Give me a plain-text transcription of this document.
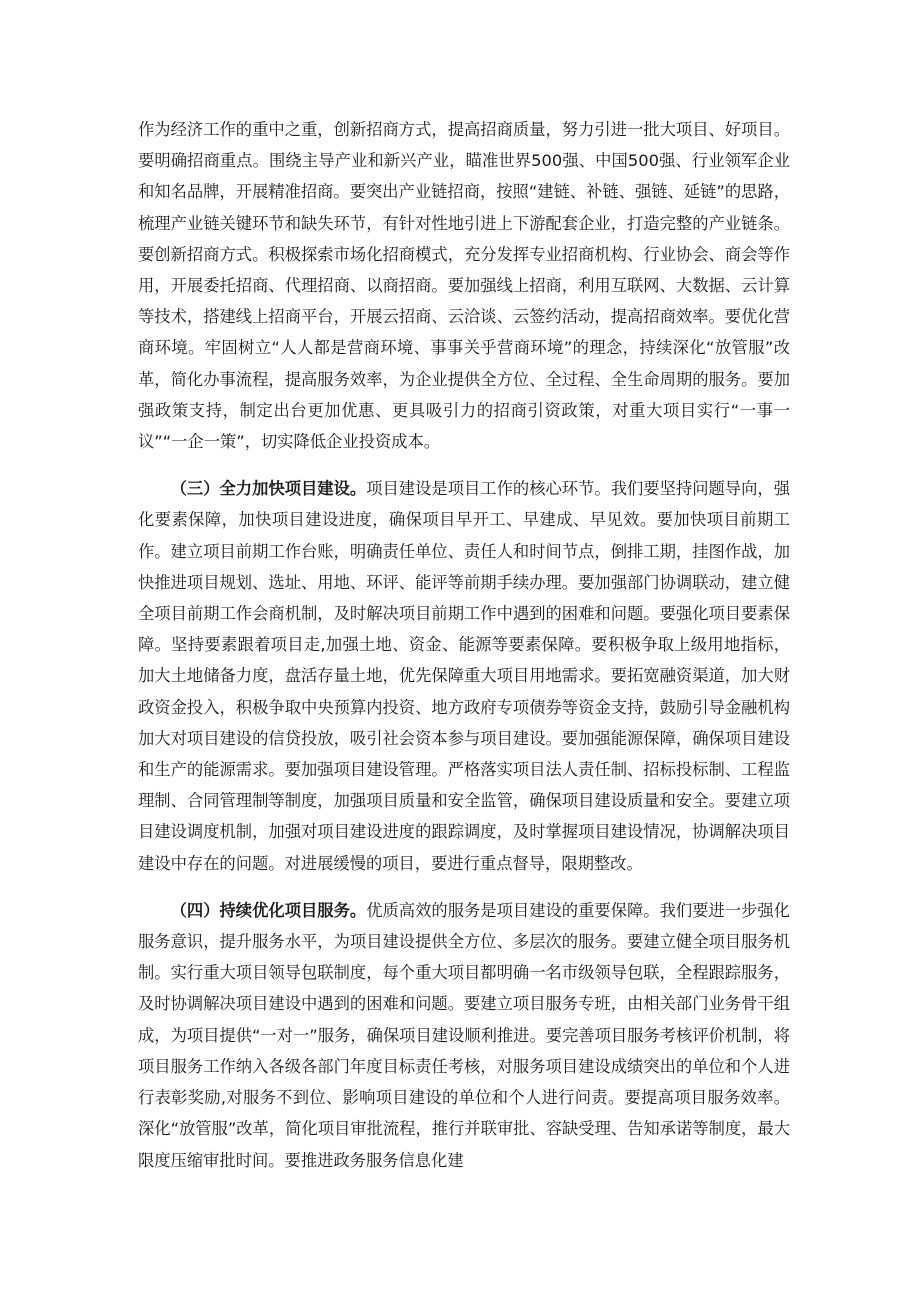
作为经济工作的重中之重，创新招商方式，提高招商质量，努力引进一批大项目、好项目。要明确招商重点。围绕主导产业和新兴产业，瞄准世界500强、中国500强、行业领军企业和知名品牌，开展精准招商。要突出产业链招商，按照“建链、补链、强链、延链”的思路，梳理产业链关键环节和缺失环节，有针对性地引进上下游配套企业，打造完整的产业链条。要创新招商方式。积极探索市场化招商模式，充分发挥专业招商机构、行业协会、商会等作用，开展委托招商、代理招商、以商招商。要加强线上招商，利用互联网、大数据、云计算等技术，搭建线上招商平台，开展云招商、云洽谈、云签约活动，提高招商效率。要优化营商环境。牢固树立“人人都是营商环境、事事关乎营商环境”的理念，持续深化“放管服”改革，简化办事流程，提高服务效率，为企业提供全方位、全过程、全生命周期的服务。要加强政策支持，制定出台更加优惠、更具吸引力的招商引资政策，对重大项目实行“一事一议”“一企一策”，切实降低企业投资成本。

（三）全力加快项目建设。项目建设是项目工作的核心环节。我们要坚持问题导向，强化要素保障，加快项目建设进度，确保项目早开工、早建成、早见效。要加快项目前期工作。建立项目前期工作台账，明确责任单位、责任人和时间节点，倒排工期，挂图作战，加快推进项目规划、选址、用地、环评、能评等前期手续办理。要加强部门协调联动，建立健全项目前期工作会商机制，及时解决项目前期工作中遇到的困难和问题。要强化项目要素保障。坚持要素跟着项目走,加强土地、资金、能源等要素保障。要积极争取上级用地指标，加大土地储备力度，盘活存量土地，优先保障重大项目用地需求。要拓宽融资渠道，加大财政资金投入，积极争取中央预算内投资、地方政府专项债券等资金支持，鼓励引导金融机构加大对项目建设的信贷投放，吸引社会资本参与项目建设。要加强能源保障，确保项目建设和生产的能源需求。要加强项目建设管理。严格落实项目法人责任制、招标投标制、工程监理制、合同管理制等制度，加强项目质量和安全监管，确保项目建设质量和安全。要建立项目建设调度机制，加强对项目建设进度的跟踪调度，及时掌握项目建设情况，协调解决项目建设中存在的问题。对进展缓慢的项目，要进行重点督导，限期整改。

（四）持续优化项目服务。优质高效的服务是项目建设的重要保障。我们要进一步强化服务意识，提升服务水平，为项目建设提供全方位、多层次的服务。要建立健全项目服务机制。实行重大项目领导包联制度，每个重大项目都明确一名市级领导包联，全程跟踪服务，及时协调解决项目建设中遇到的困难和问题。要建立项目服务专班，由相关部门业务骨干组成，为项目提供“一对一”服务，确保项目建设顺利推进。要完善项目服务考核评价机制，将项目服务工作纳入各级各部门年度目标责任考核，对服务项目建设成绩突出的单位和个人进行表彰奖励,对服务不到位、影响项目建设的单位和个人进行问责。要提高项目服务效率。深化“放管服”改革，简化项目审批流程，推行并联审批、容缺受理、告知承诺等制度，最大限度压缩审批时间。要推进政务服务信息化建
